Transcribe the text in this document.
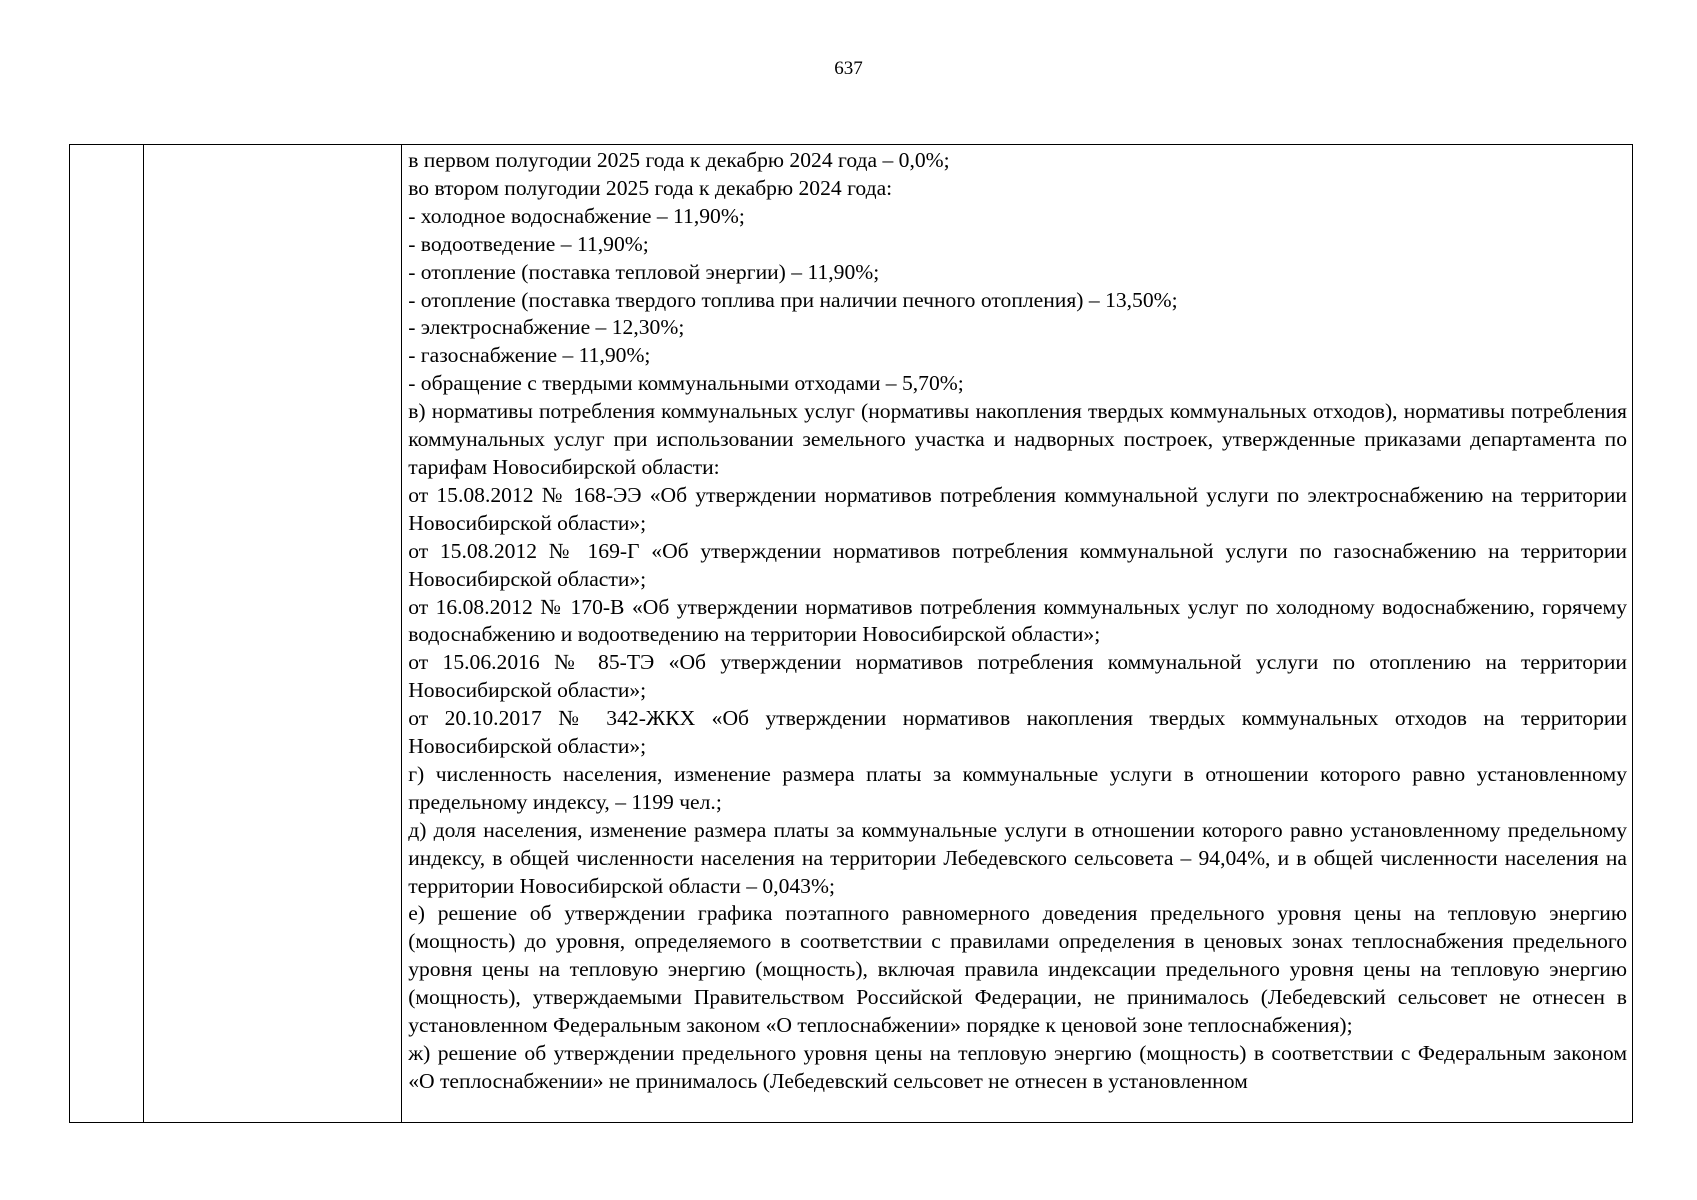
637

в первом полугодии 2025 года к декабрю 2024 года – 0,0%;
во втором полугодии 2025 года к декабрю 2024 года:
- холодное водоснабжение – 11,90%;
- водоотведение – 11,90%;
- отопление (поставка тепловой энергии) – 11,90%;
- отопление (поставка твердого топлива при наличии печного отопления) – 13,50%;
- электроснабжение – 12,30%;
- газоснабжение – 11,90%;
- обращение с твердыми коммунальными отходами – 5,70%;
в) нормативы потребления коммунальных услуг (нормативы накопления твердых коммунальных отходов), нормативы потребления коммунальных услуг при использовании земельного участка и надворных построек, утвержденные приказами департамента по тарифам Новосибирской области:
от 15.08.2012 № 168-ЭЭ «Об утверждении нормативов потребления коммунальной услуги по электроснабжению на территории Новосибирской области»;
от 15.08.2012 № 169-Г «Об утверждении нормативов потребления коммунальной услуги по газоснабжению на территории Новосибирской области»;
от 16.08.2012 № 170-В «Об утверждении нормативов потребления коммунальных услуг по холодному водоснабжению, горячему водоснабжению и водоотведению на территории Новосибирской области»;
от 15.06.2016 № 85-ТЭ «Об утверждении нормативов потребления коммунальной услуги по отоплению на территории Новосибирской области»;
от 20.10.2017 № 342-ЖКХ «Об утверждении нормативов накопления твердых коммунальных отходов на территории Новосибирской области»;
г) численность населения, изменение размера платы за коммунальные услуги в отношении которого равно установленному предельному индексу, – 1199 чел.;
д) доля населения, изменение размера платы за коммунальные услуги в отношении которого равно установленному предельному индексу, в общей численности населения на территории Лебедевского сельсовета – 94,04%, и в общей численности населения на территории Новосибирской области – 0,043%;
е) решение об утверждении графика поэтапного равномерного доведения предельного уровня цены на тепловую энергию (мощность) до уровня, определяемого в соответствии с правилами определения в ценовых зонах теплоснабжения предельного уровня цены на тепловую энергию (мощность), включая правила индексации предельного уровня цены на тепловую энергию (мощность), утверждаемыми Правительством Российской Федерации, не принималось (Лебедевский сельсовет не отнесен в установленном Федеральным законом «О теплоснабжении» порядке к ценовой зоне теплоснабжения);
ж) решение об утверждении предельного уровня цены на тепловую энергию (мощность) в соответствии с Федеральным законом «О теплоснабжении» не принималось (Лебедевский сельсовет не отнесен в установленном
